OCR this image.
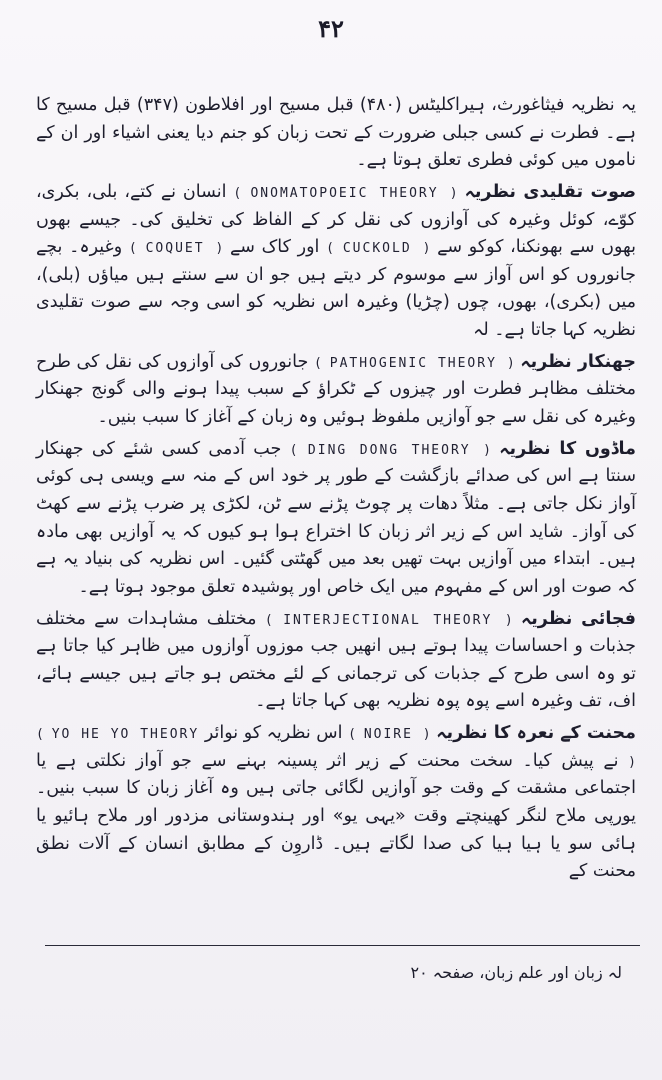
۴۲

یہ نظریہ فیثاغورث، ہیراکلیٹس (۴۸۰) قبل مسیح اور افلاطون (۳۴۷) قبل مسیح کا ہے۔ فطرت نے کسی جبلی ضرورت کے تحت زبان کو جنم دیا یعنی اشیاء اور ان کے ناموں میں کوئی فطری تعلق ہوتا ہے۔

صوت تقلیدی نظریہ ( ONOMATOPOEIC THEORY ) انسان نے کتے، بلی، بکری، کوّے، کوئل وغیرہ کی آوازوں کی نقل کر کے الفاظ کی تخلیق کی۔ جیسے بھوں بھوں سے بھونکنا، کوکو سے ( CUCKOLD ) اور کاک سے ( COQUET ) وغیرہ۔ بچے جانوروں کو اس آواز سے موسوم کر دیتے ہیں جو ان سے سنتے ہیں میاؤں (بلی)، میں (بکری)، بھوں، چوں (چڑیا) وغیرہ اس نظریہ کو اسی وجہ سے صوت تقلیدی نظریہ کہا جاتا ہے۔ لہ

جھنکار نظریہ ( PATHOGENIC THEORY ) جانوروں کی آوازوں کی نقل کی طرح مختلف مظاہر فطرت اور چیزوں کے ٹکراؤ کے سبب پیدا ہونے والی گونج جھنکار وغیرہ کی نقل سے جو آوازیں ملفوظ ہوئیں وہ زبان کے آغاز کا سبب بنیں۔

ماڈوں کا نظریہ ( DING DONG THEORY ) جب آدمی کسی شئے کی جھنکار سنتا ہے اس کی صدائے بازگشت کے طور پر خود اس کے منہ سے ویسی ہی کوئی آواز نکل جاتی ہے۔ مثلاً دھات پر چوٹ پڑنے سے ٹن، لکڑی پر ضرب پڑنے سے کھٹ کی آواز۔ شاید اس کے زیر اثر زبان کا اختراع ہوا ہو کیوں کہ یہ آوازیں بھی مادہ ہیں۔ ابتداء میں آوازیں بہت تھیں بعد میں گھٹتی گئیں۔ اس نظریہ کی بنیاد یہ ہے کہ صوت اور اس کے مفہوم میں ایک خاص اور پوشیدہ تعلق موجود ہوتا ہے۔

فجائی نظریہ ( INTERJECTIONAL THEORY ) مختلف مشاہدات سے مختلف جذبات و احساسات پیدا ہوتے ہیں انھیں جب موزوں آوازوں میں ظاہر کیا جاتا ہے تو وہ اسی طرح کے جذبات کی ترجمانی کے لئے مختص ہو جاتے ہیں جیسے ہائے، اف، تف وغیرہ اسے پوہ پوہ نظریہ بھی کہا جاتا ہے۔

محنت کے نعرہ کا نظریہ ( NOIRE ) اس نظریہ کو نوائر ( YO HE YO THEORY ) نے پیش کیا۔ سخت محنت کے زیر اثر پسینہ بہنے سے جو آواز نکلتی ہے یا اجتماعی مشقت کے وقت جو آوازیں لگائی جاتی ہیں وہ آغاز زبان کا سبب بنیں۔ یورپی ملاح لنگر کھینچتے وقت «یہی یو» اور ہندوستانی مزدور اور ملاح ہائیو یا ہائی سو یا ہیا ہیا کی صدا لگاتے ہیں۔ ڈاروِن کے مطابق انسان کے آلات نطق محنت کے

لہ زبان اور علم زبان، صفحہ ۲۰
